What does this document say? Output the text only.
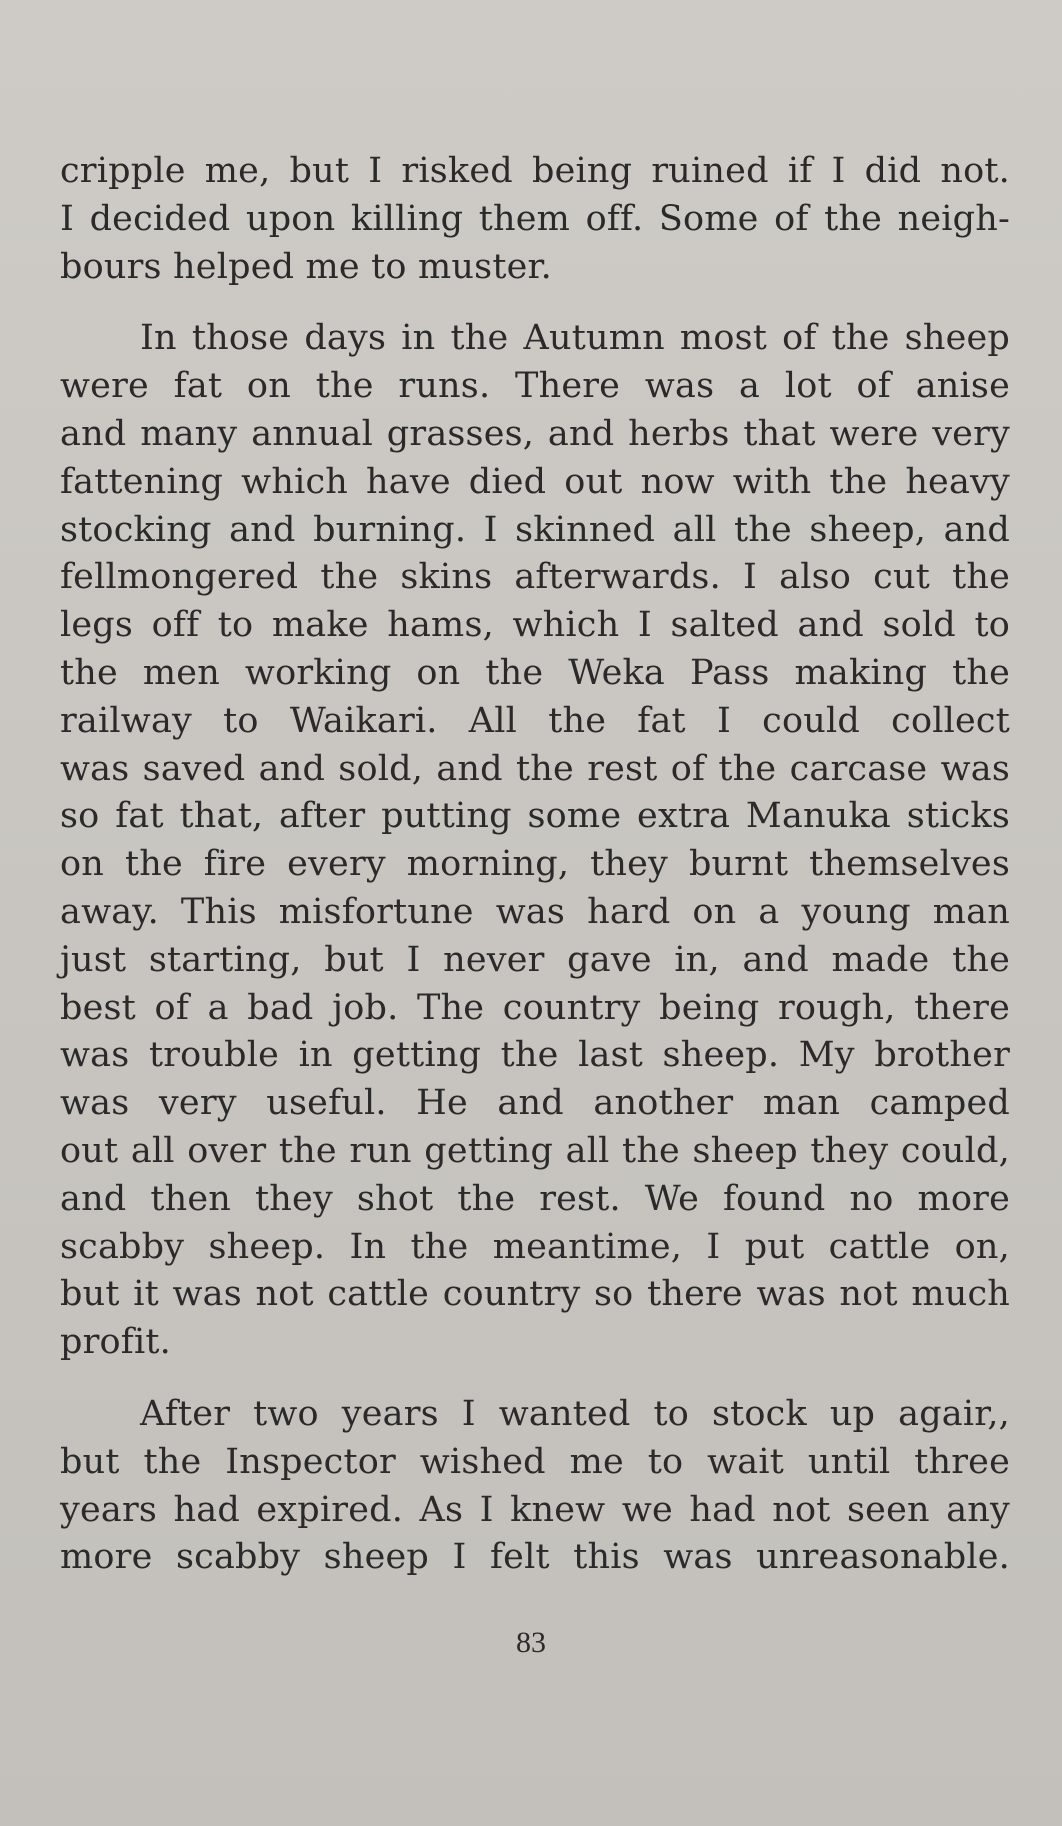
cripple me, but I risked being ruined if I did not.
I decided upon killing them off. Some of the neigh-
bours helped me to muster.

In those days in the Autumn most of the sheep
were fat on the runs. There was a lot of anise
and many annual grasses, and herbs that were very
fattening which have died out now with the heavy
stocking and burning. I skinned all the sheep, and
fellmongered the skins afterwards. I also cut the
legs off to make hams, which I salted and sold to
the men working on the Weka Pass making the
railway to Waikari. All the fat I could collect
was saved and sold, and the rest of the carcase was
so fat that, after putting some extra Manuka sticks
on the fire every morning, they burnt themselves
away. This misfortune was hard on a young man
just starting, but I never gave in, and made the
best of a bad job. The country being rough, there
was trouble in getting the last sheep. My brother
was very useful. He and another man camped
out all over the run getting all the sheep they could,
and then they shot the rest. We found no more
scabby sheep. In the meantime, I put cattle on,
but it was not cattle country so there was not much
profit.

After two years I wanted to stock up agair,,
but the Inspector wished me to wait until three
years had expired. As I knew we had not seen any
more scabby sheep I felt this was unreasonable.

83
